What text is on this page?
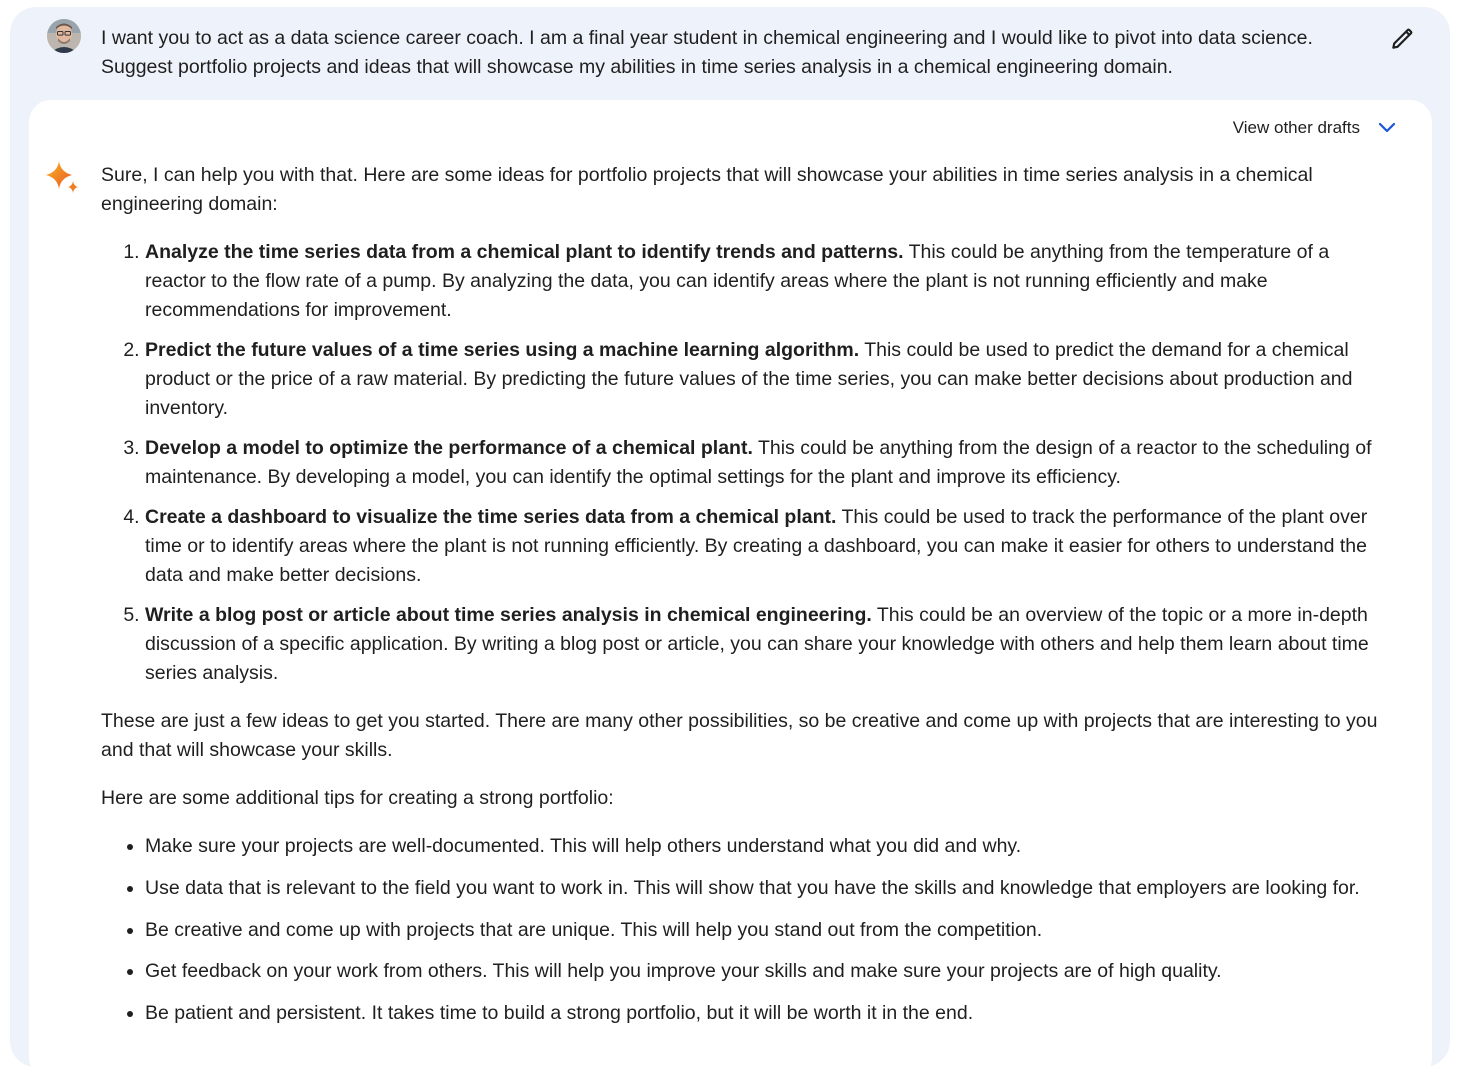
I want you to act as a data science career coach. I am a final year student in chemical engineering and I would like to pivot into data science. Suggest portfolio projects and ideas that will showcase my abilities in time series analysis in a chemical engineering domain.
View other drafts

Sure, I can help you with that. Here are some ideas for portfolio projects that will showcase your abilities in time series analysis in a chemical engineering domain:

1. Analyze the time series data from a chemical plant to identify trends and patterns. This could be anything from the temperature of a reactor to the flow rate of a pump. By analyzing the data, you can identify areas where the plant is not running efficiently and make recommendations for improvement.
2. Predict the future values of a time series using a machine learning algorithm. This could be used to predict the demand for a chemical product or the price of a raw material. By predicting the future values of the time series, you can make better decisions about production and inventory.
3. Develop a model to optimize the performance of a chemical plant. This could be anything from the design of a reactor to the scheduling of maintenance. By developing a model, you can identify the optimal settings for the plant and improve its efficiency.
4. Create a dashboard to visualize the time series data from a chemical plant. This could be used to track the performance of the plant over time or to identify areas where the plant is not running efficiently. By creating a dashboard, you can make it easier for others to understand the data and make better decisions.
5. Write a blog post or article about time series analysis in chemical engineering. This could be an overview of the topic or a more in-depth discussion of a specific application. By writing a blog post or article, you can share your knowledge with others and help them learn about time series analysis.

These are just a few ideas to get you started. There are many other possibilities, so be creative and come up with projects that are interesting to you and that will showcase your skills.

Here are some additional tips for creating a strong portfolio:

• Make sure your projects are well-documented. This will help others understand what you did and why.
• Use data that is relevant to the field you want to work in. This will show that you have the skills and knowledge that employers are looking for.
• Be creative and come up with projects that are unique. This will help you stand out from the competition.
• Get feedback on your work from others. This will help you improve your skills and make sure your projects are of high quality.
• Be patient and persistent. It takes time to build a strong portfolio, but it will be worth it in the end.
